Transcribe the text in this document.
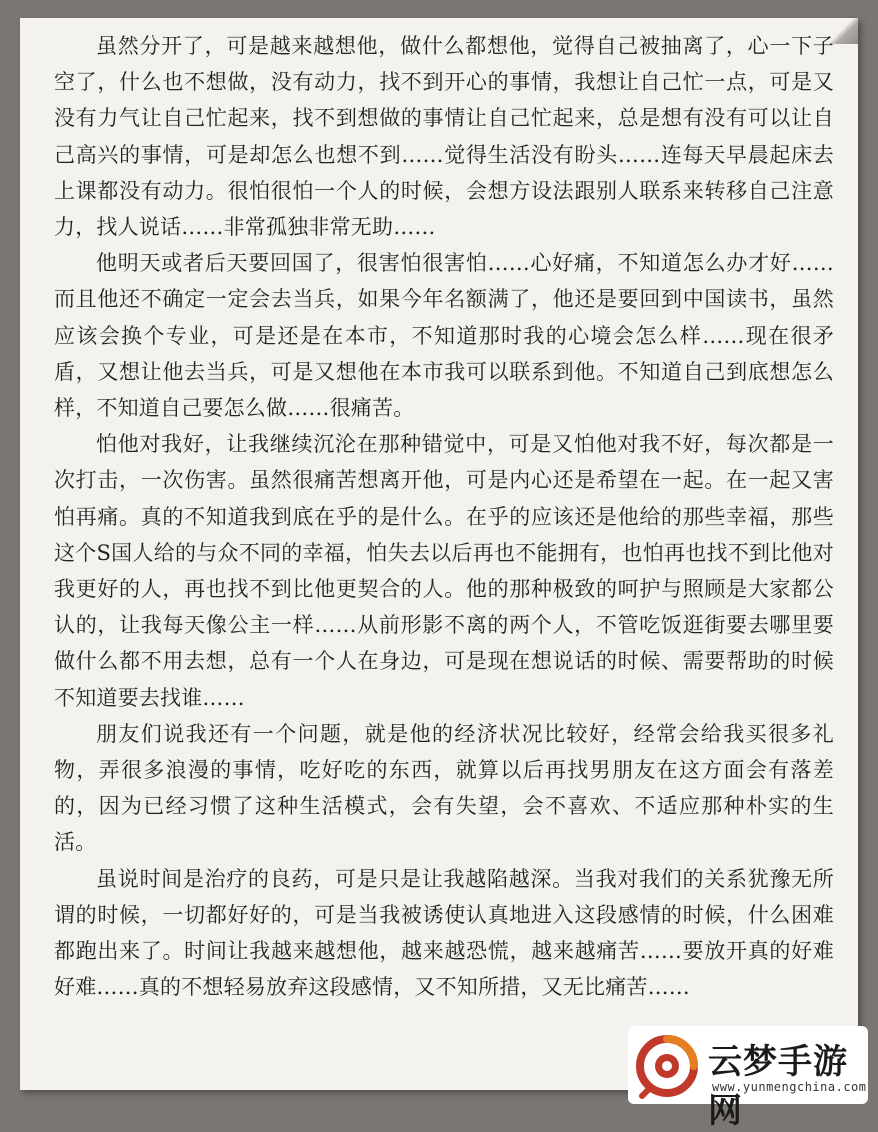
虽然分开了，可是越来越想他，做什么都想他，觉得自己被抽离了，心一下子空了，什么也不想做，没有动力，找不到开心的事情，我想让自己忙一点，可是又没有力气让自己忙起来，找不到想做的事情让自己忙起来，总是想有没有可以让自己高兴的事情，可是却怎么也想不到……觉得生活没有盼头……连每天早晨起床去上课都没有动力。很怕很怕一个人的时候，会想方设法跟别人联系来转移自己注意力，找人说话……非常孤独非常无助……

他明天或者后天要回国了，很害怕很害怕……心好痛，不知道怎么办才好……而且他还不确定一定会去当兵，如果今年名额满了，他还是要回到中国读书，虽然应该会换个专业，可是还是在本市，不知道那时我的心境会怎么样……现在很矛盾，又想让他去当兵，可是又想他在本市我可以联系到他。不知道自己到底想怎么样，不知道自己要怎么做……很痛苦。

怕他对我好，让我继续沉沦在那种错觉中，可是又怕他对我不好，每次都是一次打击，一次伤害。虽然很痛苦想离开他，可是内心还是希望在一起。在一起又害怕再痛。真的不知道我到底在乎的是什么。在乎的应该还是他给的那些幸福，那些这个S国人给的与众不同的幸福，怕失去以后再也不能拥有，也怕再也找不到比他对我更好的人，再也找不到比他更契合的人。他的那种极致的呵护与照顾是大家都公认的，让我每天像公主一样……从前形影不离的两个人，不管吃饭逛街要去哪里要做什么都不用去想，总有一个人在身边，可是现在想说话的时候、需要帮助的时候不知道要去找谁……

朋友们说我还有一个问题，就是他的经济状况比较好，经常会给我买很多礼物，弄很多浪漫的事情，吃好吃的东西，就算以后再找男朋友在这方面会有落差的，因为已经习惯了这种生活模式，会有失望，会不喜欢、不适应那种朴实的生活。

虽说时间是治疗的良药，可是只是让我越陷越深。当我对我们的关系犹豫无所谓的时候，一切都好好的，可是当我被诱使认真地进入这段感情的时候，什么困难都跑出来了。时间让我越来越想他，越来越恐慌，越来越痛苦……要放开真的好难好难……真的不想轻易放弃这段感情，又不知所措，又无比痛苦……

云梦手游网
www.yunmengchina.com
